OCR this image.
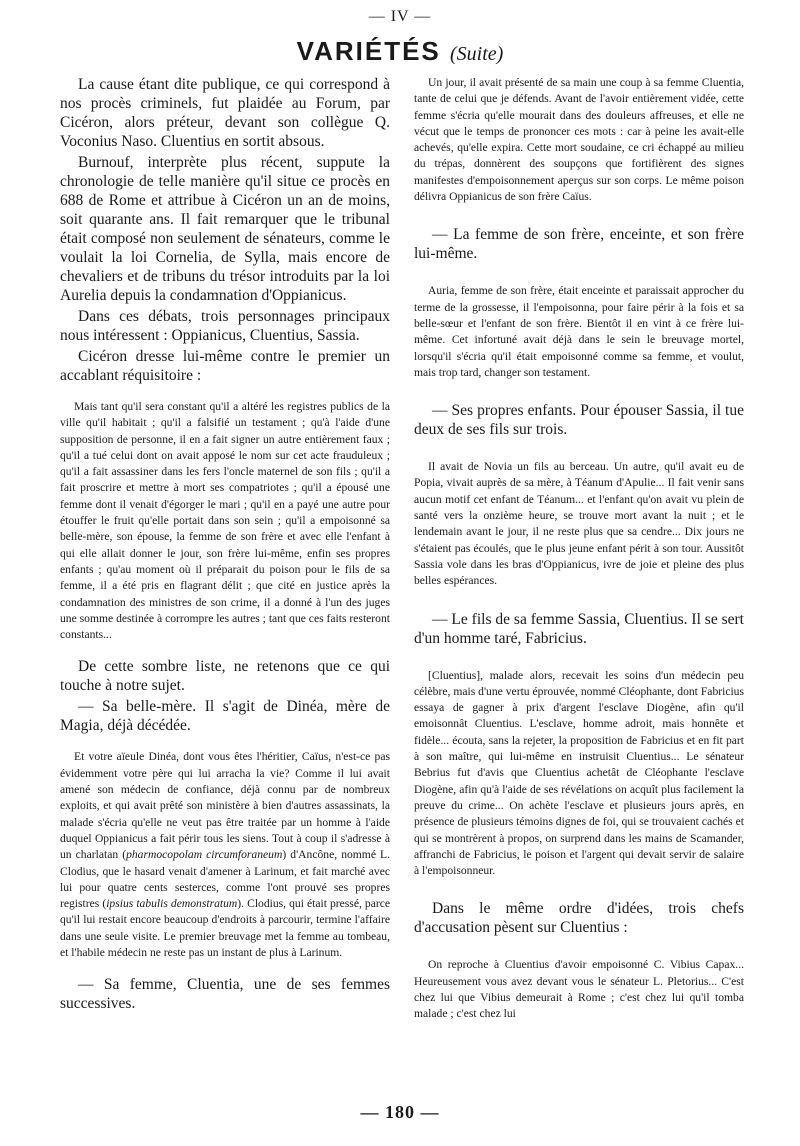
— IV —
VARIÉTÉS (Suite)

La cause étant dite publique, ce qui correspond à nos procès criminels, fut plaidée au Forum, par Cicéron, alors préteur, devant son collègue Q. Voconius Naso. Cluentius en sortit absous.

Burnouf, interprète plus récent, suppute la chronologie de telle manière qu'il situe ce procès en 688 de Rome et attribue à Cicéron un an de moins, soit quarante ans. Il fait remarquer que le tribunal était composé non seulement de sénateurs, comme le voulait la loi Cornelia, de Sylla, mais encore de chevaliers et de tribuns du trésor introduits par la loi Aurelia depuis la condamnation d'Oppianicus.

Dans ces débats, trois personnages principaux nous intéressent : Oppianicus, Cluentius, Sassia.

Cicéron dresse lui-même contre le premier un accablant réquisitoire :

Mais tant qu'il sera constant qu'il a altéré les registres publics de la ville qu'il habitait ; qu'il a falsifié un testament ; qu'à l'aide d'une supposition de personne, il en a fait signer un autre entièrement faux ; qu'il a tué celui dont on avait apposé le nom sur cet acte frauduleux ; qu'il a fait assassiner dans les fers l'oncle maternel de son fils ; qu'il a fait proscrire et mettre à mort ses compatriotes ; qu'il a épousé une femme dont il venait d'égorger le mari ; qu'il en a payé une autre pour étouffer le fruit qu'elle portait dans son sein ; qu'il a empoisonné sa belle-mère, son épouse, la femme de son frère et avec elle l'enfant à qui elle allait donner le jour, son frère lui-même, enfin ses propres enfants ; qu'au moment où il préparait du poison pour le fils de sa femme, il a été pris en flagrant délit ; que cité en justice après la condamnation des ministres de son crime, il a donné à l'un des juges une somme destinée à corrompre les autres ; tant que ces faits resteront constants...

De cette sombre liste, ne retenons que ce qui touche à notre sujet.

— Sa belle-mère. Il s'agit de Dinéa, mère de Magia, déjà décédée.

Et votre aïeule Dinéa, dont vous êtes l'héritier, Caïus, n'est-ce pas évidemment votre père qui lui arracha la vie? Comme il lui avait amené son médecin de confiance, déjà connu par de nombreux exploits, et qui avait prêté son ministère à bien d'autres assassinats, la malade s'écria qu'elle ne veut pas être traitée par un homme à l'aide duquel Oppianicus a fait périr tous les siens. Tout à coup il s'adresse à un charlatan (pharmocopolam circumforaneum) d'Ancône, nommé L. Clodius, que le hasard venait d'amener à Larinum, et fait marché avec lui pour quatre cents sesterces, comme l'ont prouvé ses propres registres (ipsius tabulis demonstratum). Clodius, qui était pressé, parce qu'il lui restait encore beaucoup d'endroits à parcourir, termine l'affaire dans une seule visite. Le premier breuvage met la femme au tombeau, et l'habile médecin ne reste pas un instant de plus à Larinum.

— Sa femme, Cluentia, une de ses femmes successives.

Un jour, il avait présenté de sa main une coup à sa femme Cluentia, tante de celui que je défends. Avant de l'avoir entièrement vidée, cette femme s'écria qu'elle mourait dans des douleurs affreuses, et elle ne vécut que le temps de prononcer ces mots : car à peine les avait-elle achevés, qu'elle expira. Cette mort soudaine, ce cri échappé au milieu du trépas, donnèrent des soupçons que fortifièrent des signes manifestes d'empoisonnement aperçus sur son corps. Le même poison délivra Oppianicus de son frère Caïus.

— La femme de son frère, enceinte, et son frère lui-même.

Auria, femme de son frère, était enceinte et paraissait approcher du terme de la grossesse, il l'empoisonna, pour faire périr à la fois et sa belle-sœur et l'enfant de son frère. Bientôt il en vint à ce frère lui-même. Cet infortuné avait déjà dans le sein le breuvage mortel, lorsqu'il s'écria qu'il était empoisonné comme sa femme, et voulut, mais trop tard, changer son testament.

— Ses propres enfants. Pour épouser Sassia, il tue deux de ses fils sur trois.

Il avait de Novia un fils au berceau. Un autre, qu'il avait eu de Popia, vivait auprès de sa mère, à Téanum d'Apulie... Il fait venir sans aucun motif cet enfant de Téanum... et l'enfant qu'on avait vu plein de santé vers la onzième heure, se trouve mort avant la nuit ; et le lendemain avant le jour, il ne reste plus que sa cendre... Dix jours ne s'étaient pas écoulés, que le plus jeune enfant périt à son tour. Aussitôt Sassia vole dans les bras d'Oppianicus, ivre de joie et pleine des plus belles espérances.

— Le fils de sa femme Sassia, Cluentius. Il se sert d'un homme taré, Fabricius.

[Cluentius], malade alors, recevait les soins d'un médecin peu célèbre, mais d'une vertu éprouvée, nommé Cléophante, dont Fabricius essaya de gagner à prix d'argent l'esclave Diogène, afin qu'il emoisonnât Cluentius. L'esclave, homme adroit, mais honnête et fidèle... écouta, sans la rejeter, la proposition de Fabricius et en fit part à son maître, qui lui-même en instruisit Cluentius... Le sénateur Bebrius fut d'avis que Cluentius achetât de Cléophante l'esclave Diogène, afin qu'à l'aide de ses révélations on acquît plus facilement la preuve du crime... On achète l'esclave et plusieurs jours après, en présence de plusieurs témoins dignes de foi, qui se trouvaient cachés et qui se montrèrent à propos, on surprend dans les mains de Scamander, affranchi de Fabricius, le poison et l'argent qui devait servir de salaire à l'empoisonneur.

Dans le même ordre d'idées, trois chefs d'accusation pèsent sur Cluentius :

On reproche à Cluentius d'avoir empoisonné C. Vibius Capax... Heureusement vous avez devant vous le sénateur L. Pletorius... C'est chez lui que Vibius demeurait à Rome ; c'est chez lui qu'il tomba malade ; c'est chez lui

— 180 —
